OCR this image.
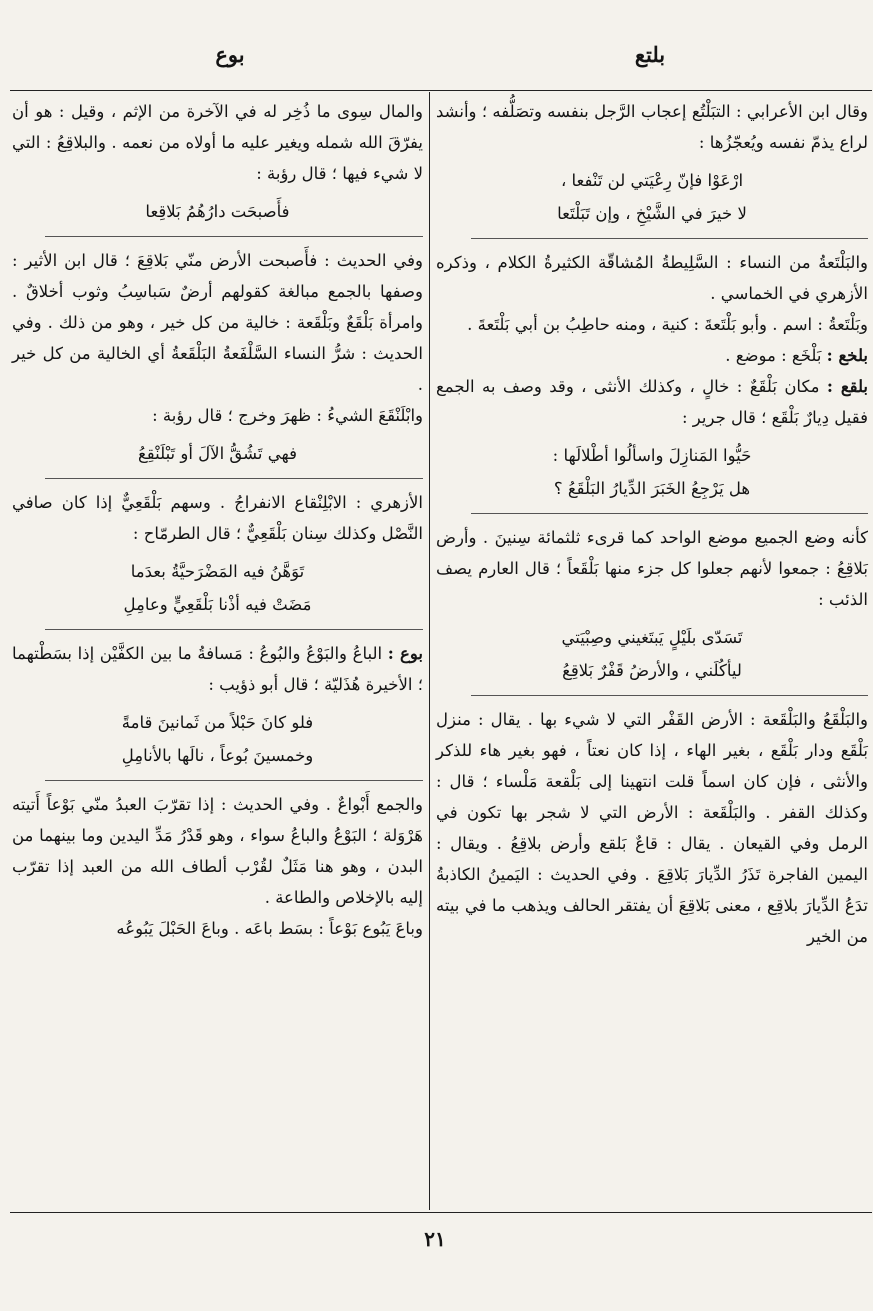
بلتع
بوع

وقال ابن الأعرابي : التبَلْتُع إعجاب الرَّجل بنفسه وتصَلُّفه ؛ وأنشد لراع يذمّ نفسه ويُعجّزُها :

ارْعَوْا فإنّ رِعْيَتي لن تَنْفعا ،
لا خيرَ في الشَّيْخِ ، وإن تَبَلْتَعا

والبَلْتَعةُ من النساء : السَّلِيطةُ المُشاقّة الكثيرةُ الكلام ، وذكره الأزهري في الخماسي .

وبَلْتَعةُ : اسم . وأبو بَلْتَعةَ : كنية ، ومنه حاطِبُ بن أبي بَلْتَعةَ .

بلخع : بَلْخَع : موضع .

بلقع : مكان بَلْقَعٌ : خالٍ ، وكذلك الأنثى ، وقد وصف به الجمع فقيل دِيارٌ بَلْقَع ؛ قال جرير :

حَيُّوا المَنازِلَ واسألُوا أطْلالَها :
هل يَرْجِعُ الخَبَرَ الدِّيارُ البَلْقَعُ ؟

كأنه وضع الجميع موضع الواحد كما قرىء ثلثمائة سِنينَ . وأرض بَلاقِعُ : جمعوا لأنهم جعلوا كل جزء منها بَلْقَعاً ؛ قال العارم يصف الذئب :

تَسَدّى بلَيْلٍ يَبتَغيني وصِبْيَتي
ليأكُلَني ، والأرضُ قَفْرٌ بَلاقِعُ

والبَلْقَعُ والبَلْقَعة : الأرض القَفْر التي لا شيء بها . يقال : منزل بَلْقَع ودار بَلْقَع ، بغير الهاء ، إذا كان نعتاً ، فهو بغير هاء للذكر والأنثى ، فإن كان اسماً قلت انتهينا إلى بَلْقعة مَلْساء ؛ قال : وكذلك القفر . والبَلْقَعة : الأرض التي لا شجر بها تكون في الرمل وفي القيعان . يقال : قاعٌ بَلقع وأرض بلاقِعُ . ويقال : اليمين الفاجرة تَذَرُ الدِّيارَ بَلاقِعَ . وفي الحديث : اليَمينُ الكاذبةُ تدَعُ الدِّيارَ بلاقِع ، معنى بَلاقِعَ أن يفتقر الحالف ويذهب ما في بيته من الخير

والمال سِوى ما ذُخِر له في الآخرة من الإثم ، وقيل : هو أن يفرّقَ الله شمله ويغير عليه ما أولاه من نعمه . والبلاقِعُ : التي لا شيء فيها ؛ قال رؤبة :

فأَصبحَت دارُهُمُ بَلاقِعا

وفي الحديث : فأَصبحت الأرض منّي بَلاقِعَ ؛ قال ابن الأثير : وصفها بالجمع مبالغة كقولهم أرضٌ سَباسِبُ وثوب أخلاقٌ . وامرأة بَلْقَعٌ وبَلْقَعة : خالية من كل خير ، وهو من ذلك . وفي الحديث : شرُّ النساء السَّلْفَعةُ البَلْقَعةُ أي الخالية من كل خير .

وابْلَنْقَعَ الشيءُ : ظهرَ وخرج ؛ قال رؤبة :

فهي تَشُقُّ الآلَ أو تَبْلَنْقِعُ

الأزهري : الابْلِنْقاع الانفراجُ . وسهم بَلْقَعِيٌّ إذا كان صافي النَّصْل وكذلك سِنان بَلْقَعِيٌّ ؛ قال الطرمّاح :

تَوَهَّنُ فيه المَضْرَحيَّةُ بعدَما
مَضَتْ فيه أذْنا بَلْقَعِيٍّ وعامِلِ

بوع : الباعُ والبَوْعُ والبُوعُ : مَسافةُ ما بين الكفَّيْن إذا بسَطْتهما ؛ الأخيرة هُذَليّة ؛ قال أبو ذؤيب :

فلو كانَ حَبْلاً من ثَمانينَ قامةً
وخمسينَ بُوعاً ، نالَها بالأنامِلِ

والجمع أَبْواعٌ . وفي الحديث : إذا تقرّبَ العبدُ منّي بَوْعاً أَتيته هَرْوَلة ؛ البَوْعُ والباعُ سواء ، وهو قَدْرُ مَدِّ اليدين وما بينهما من البدن ، وهو هنا مَثَلٌ لقُرْب ألطاف الله من العبد إذا تقرّب إليه بالإخلاص والطاعة .

وباعَ يَبُوع بَوْعاً : بسَط باعَه . وباعَ الحَبْلَ يَبُوعُه

٢١
